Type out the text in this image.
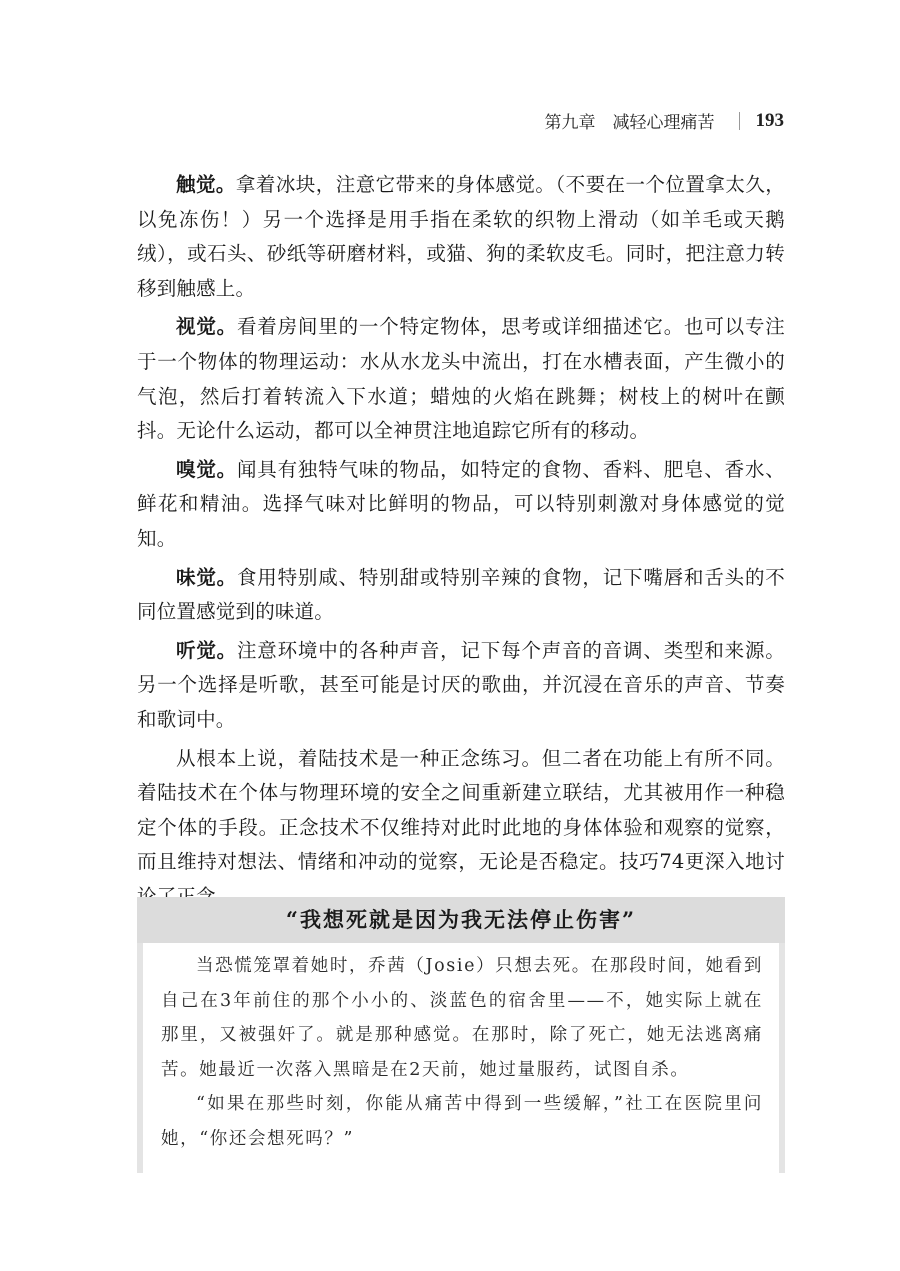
第九章　减轻心理痛苦 193

触觉。拿着冰块，注意它带来的身体感觉。（不要在一个位置拿太久，以免冻伤！）另一个选择是用手指在柔软的织物上滑动（如羊毛或天鹅绒），或石头、砂纸等研磨材料，或猫、狗的柔软皮毛。同时，把注意力转移到触感上。

视觉。看着房间里的一个特定物体，思考或详细描述它。也可以专注于一个物体的物理运动：水从水龙头中流出，打在水槽表面，产生微小的气泡，然后打着转流入下水道；蜡烛的火焰在跳舞；树枝上的树叶在颤抖。无论什么运动，都可以全神贯注地追踪它所有的移动。

嗅觉。闻具有独特气味的物品，如特定的食物、香料、肥皂、香水、鲜花和精油。选择气味对比鲜明的物品，可以特别刺激对身体感觉的觉知。

味觉。食用特别咸、特别甜或特别辛辣的食物，记下嘴唇和舌头的不同位置感觉到的味道。

听觉。注意环境中的各种声音，记下每个声音的音调、类型和来源。另一个选择是听歌，甚至可能是讨厌的歌曲，并沉浸在音乐的声音、节奏和歌词中。

从根本上说，着陆技术是一种正念练习。但二者在功能上有所不同。着陆技术在个体与物理环境的安全之间重新建立联结，尤其被用作一种稳定个体的手段。正念技术不仅维持对此时此地的身体体验和观察的觉察，而且维持对想法、情绪和冲动的觉察，无论是否稳定。技巧74更深入地讨

“我想死就是因为我无法停止伤害”

当恐慌笼罩着她时，乔茜（Josie）只想去死。在那段时间，她看到自己在3年前住的那个小小的、淡蓝色的宿舍里——不，她实际上就在那里，又被强奸了。就是那种感觉。在那时，除了死亡，她无法逃离痛苦。她最近一次落入黑暗是在2天前，她过量服药，试图自杀。

“如果在那些时刻，你能从痛苦中得到一些缓解，”社工在医院里问她，“你还会想死吗？”
